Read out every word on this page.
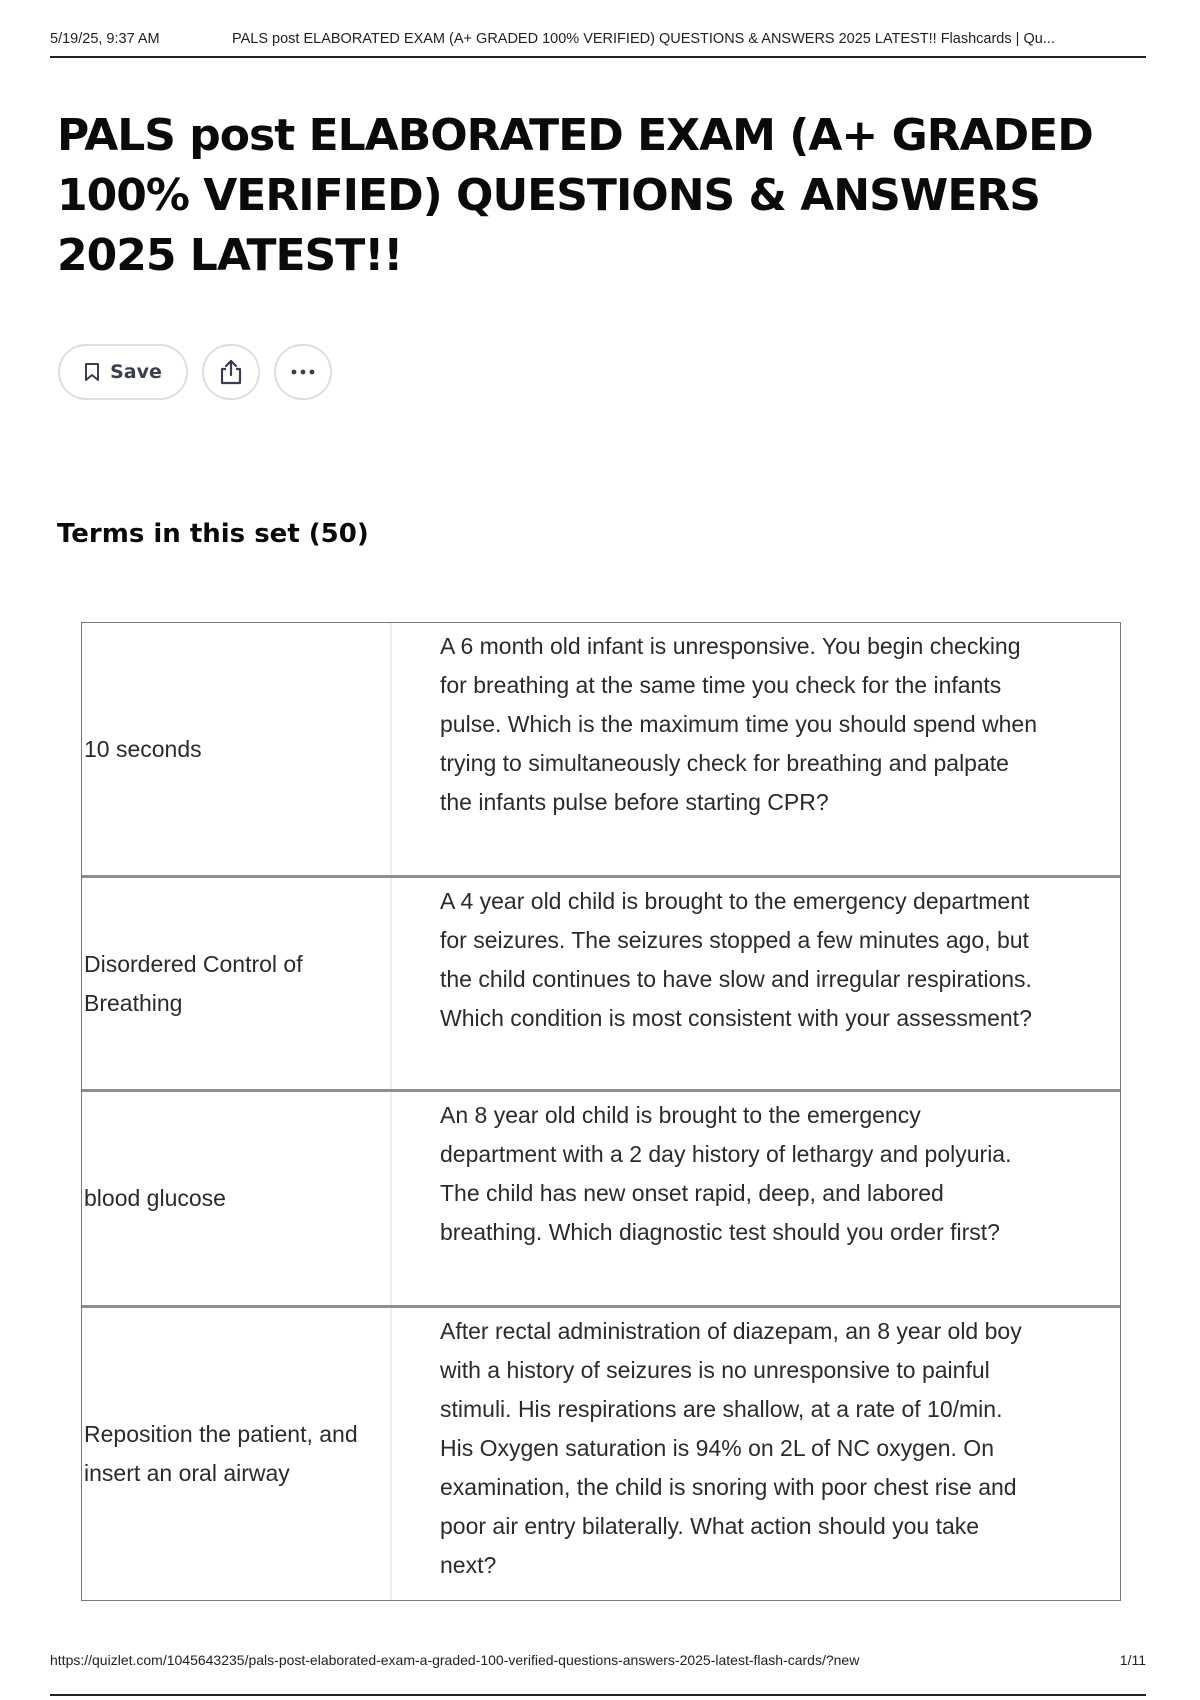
5/19/25, 9:37 AM	PALS post ELABORATED EXAM (A+ GRADED 100% VERIFIED) QUESTIONS & ANSWERS 2025 LATEST!! Flashcards | Qu...
PALS post ELABORATED EXAM (A+ GRADED 100% VERIFIED) QUESTIONS & ANSWERS 2025 LATEST!!
Save
Terms in this set (50)
10 seconds
A 6 month old infant is unresponsive. You begin checking for breathing at the same time you check for the infants pulse. Which is the maximum time you should spend when trying to simultaneously check for breathing and palpate the infants pulse before starting CPR?
Disordered Control of Breathing
A 4 year old child is brought to the emergency department for seizures. The seizures stopped a few minutes ago, but the child continues to have slow and irregular respirations. Which condition is most consistent with your assessment?
blood glucose
An 8 year old child is brought to the emergency department with a 2 day history of lethargy and polyuria. The child has new onset rapid, deep, and labored breathing. Which diagnostic test should you order first?
Reposition the patient, and insert an oral airway
After rectal administration of diazepam, an 8 year old boy with a history of seizures is no unresponsive to painful stimuli. His respirations are shallow, at a rate of 10/min. His Oxygen saturation is 94% on 2L of NC oxygen. On examination, the child is snoring with poor chest rise and poor air entry bilaterally. What action should you take next?
https://quizlet.com/1045643235/pals-post-elaborated-exam-a-graded-100-verified-questions-answers-2025-latest-flash-cards/?new	1/11
